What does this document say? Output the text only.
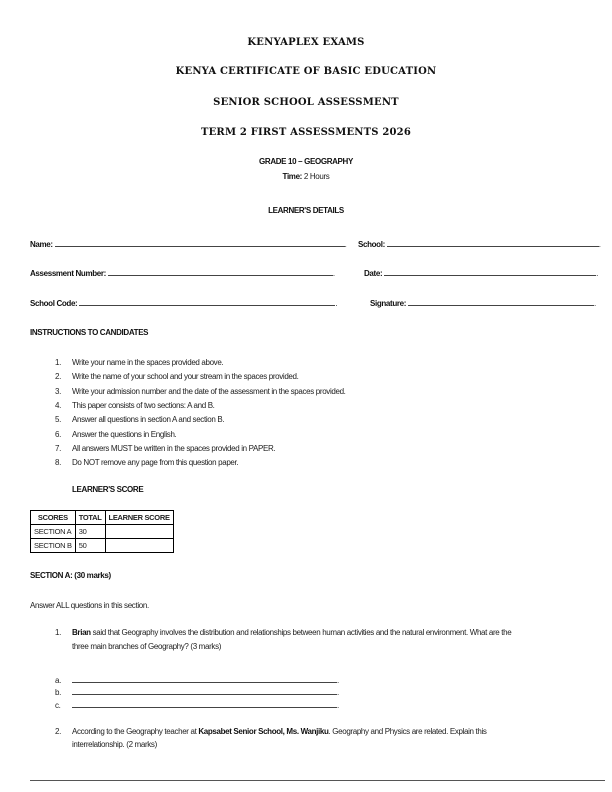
KENYAPLEX EXAMS
KENYA CERTIFICATE OF BASIC EDUCATION
SENIOR SCHOOL ASSESSMENT
TERM 2 FIRST ASSESSMENTS 2026
GRADE 10 – GEOGRAPHY
Time: 2 Hours
LEARNER'S DETAILS
Name:	. School:	.
Assessment Number:	.	Date:	.
School Code:	.	Signature:	.
INSTRUCTIONS TO CANDIDATES
1. Write your name in the spaces provided above.
2. Write the name of your school and your stream in the spaces provided.
3. Write your admission number and the date of the assessment in the spaces provided.
4. This paper consists of two sections: A and B.
5. Answer all questions in section A and section B.
6. Answer the questions in English.
7. All answers MUST be written in the spaces provided in PAPER.
8. Do NOT remove any page from this question paper.
LEARNER'S SCORE
SCORES	TOTAL	LEARNER SCORE
SECTION A	30	
SECTION B	50	
SECTION A: (30 marks)
Answer ALL questions in this section.
1. Brian said that Geography involves the distribution and relationships between human activities and the natural environment. What are the
three main branches of Geography? (3 marks)
a.	.
b.	.
c.	.
2. According to the Geography teacher at Kapsabet Senior School, Ms. Wanjiku. Geography and Physics are related. Explain this
interrelationship. (2 marks)
